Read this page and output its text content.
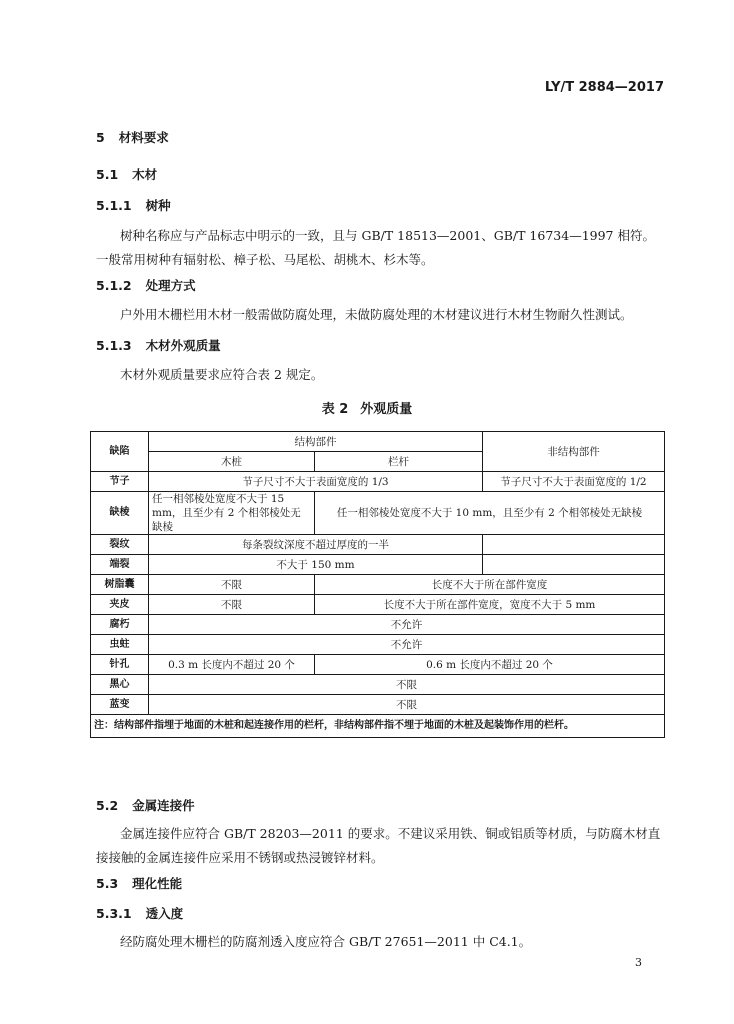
LY/T 2884—2017
5 材料要求
5.1 木材
5.1.1 树种
树种名称应与产品标志中明示的一致，且与 GB/T 18513—2001、GB/T 16734—1997 相符。一般常用树种有辐射松、樟子松、马尾松、胡桃木、杉木等。
5.1.2 处理方式
户外用木栅栏用木材一般需做防腐处理，未做防腐处理的木材建议进行木材生物耐久性测试。
5.1.3 木材外观质量
木材外观质量要求应符合表 2 规定。
表 2 外观质量
缺陷	结构部件		非结构部件
	木桩	栏杆	
节子	节子尺寸不大于表面宽度的 1/3		节子尺寸不大于表面宽度的 1/2
缺棱	任一相邻棱处宽度不大于 15 mm，且至少有 2 个相邻棱处无缺棱	任一相邻棱处宽度不大于 10 mm，且至少有 2 个相邻棱处无缺棱	
裂纹	每条裂纹深度不超过厚度的一半		
端裂	不大于 150 mm		
树脂囊	不限	长度不大于所在部件宽度	
夹皮	不限	长度不大于所在部件宽度，宽度不大于 5 mm	
腐朽	不允许		
虫蛀	不允许		
针孔	0.3 m 长度内不超过 20 个	0.6 m 长度内不超过 20 个	
黑心	不限		
蓝变	不限		
注：结构部件指埋于地面的木桩和起连接作用的栏杆，非结构部件指不埋于地面的木桩及起装饰作用的栏杆。			
5.2 金属连接件
金属连接件应符合 GB/T 28203—2011 的要求。不建议采用铁、铜或铝质等材质，与防腐木材直接接触的金属连接件应采用不锈钢或热浸镀锌材料。
5.3 理化性能
5.3.1 透入度
经防腐处理木栅栏的防腐剂透入度应符合 GB/T 27651—2011 中 C4.1。
3
